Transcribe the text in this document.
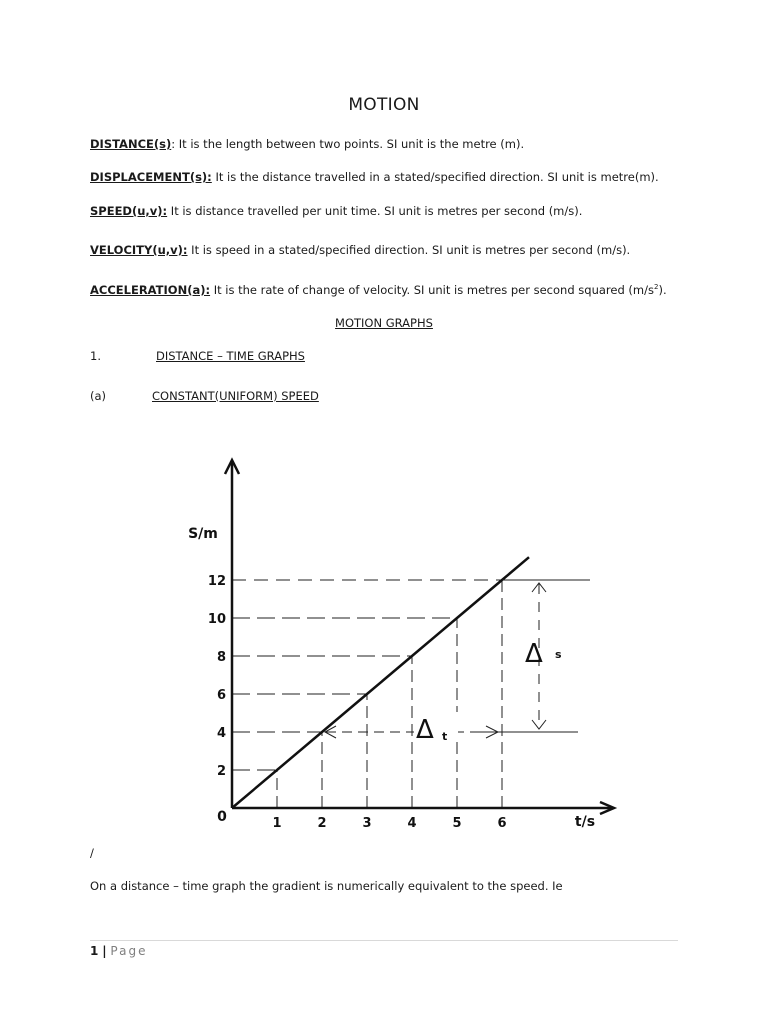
MOTION
DISTANCE(s): It is the length between two points. SI unit is the metre (m).
DISPLACEMENT(s): It is the distance travelled in a stated/specified direction. SI unit is metre(m).
SPEED(u,v): It is distance travelled per unit time. SI unit is metres per second (m/s).
VELOCITY(u,v): It is speed in a stated/specified direction. SI unit is metres per second (m/s).
ACCELERATION(a): It is the rate of change of velocity. SI unit is metres per second squared $(m/s^2)$.
MOTION GRAPHS
1.	DISTANCE – TIME GRAPHS
(a)	CONSTANT(UNIFORM) SPEED
2
4
6
8
10
12
1	2	3	4	5	6
0
S/m
t/s
Δ s
Δ t
/
On a distance – time graph the gradient is numerically equivalent to the speed. Ie
1 | Page
